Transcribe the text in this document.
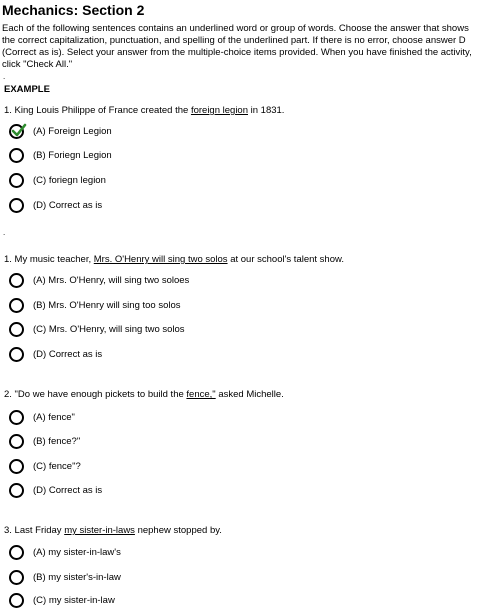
Mechanics: Section 2
Each of the following sentences contains an underlined word or group of words. Choose the answer that shows the correct capitalization, punctuation, and spelling of the underlined part. If there is no error, choose answer D (Correct as is). Select your answer from the multiple-choice items provided. When you have finished the activity, click "Check All."
.
EXAMPLE
1. King Louis Philippe of France created the foreign legion in 1831.
(A) Foreign Legion
(B) Foriegn Legion
(C) foriegn legion
(D) Correct as is
.
1. My music teacher, Mrs. O'Henry will sing two solos at our school's talent show.
(A) Mrs. O'Henry, will sing two soloes
(B) Mrs. O'Henry will sing too solos
(C) Mrs. O'Henry, will sing two solos
(D) Correct as is
2. "Do we have enough pickets to build the fence," asked Michelle.
(A) fence"
(B) fence?"
(C) fence"?
(D) Correct as is
3. Last Friday my sister-in-laws nephew stopped by.
(A) my sister-in-law's
(B) my sister's-in-law
(C) my sister-in-law
